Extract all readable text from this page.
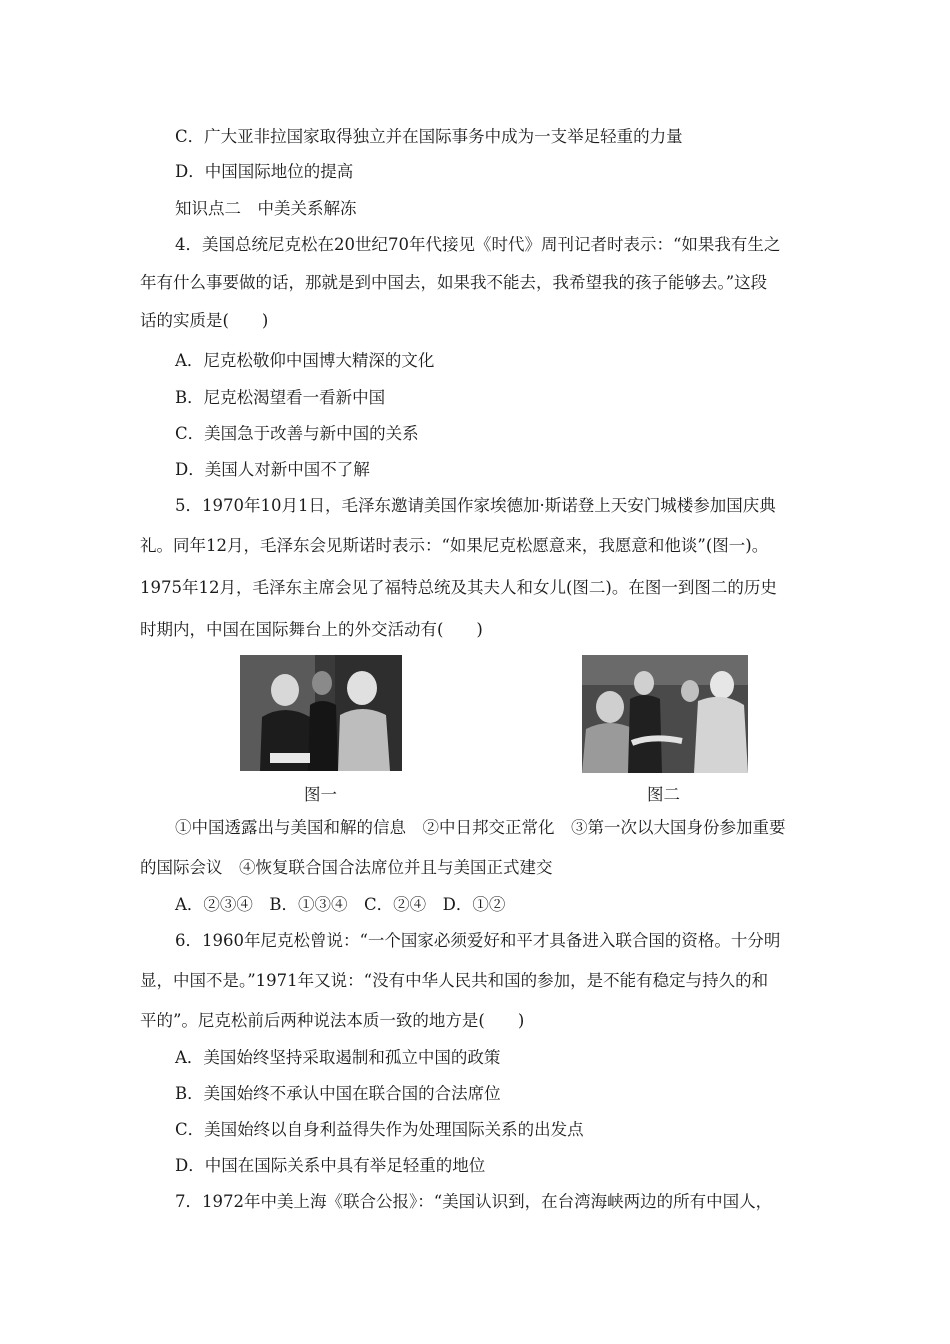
C．广大亚非拉国家取得独立并在国际事务中成为一支举足轻重的力量
D．中国国际地位的提高
知识点二　中美关系解冻
4．美国总统尼克松在20世纪70年代接见《时代》周刊记者时表示：“如果我有生之
年有什么事要做的话，那就是到中国去，如果我不能去，我希望我的孩子能够去。”这段
话的实质是(　　)
A．尼克松敬仰中国博大精深的文化
B．尼克松渴望看一看新中国
C．美国急于改善与新中国的关系
D．美国人对新中国不了解
5．1970年10月1日，毛泽东邀请美国作家埃德加·斯诺登上天安门城楼参加国庆典
礼。同年12月，毛泽东会见斯诺时表示：“如果尼克松愿意来，我愿意和他谈”(图一)。
1975年12月，毛泽东主席会见了福特总统及其夫人和女儿(图二)。在图一到图二的历史
时期内，中国在国际舞台上的外交活动有(　　)
图一	图二
①中国透露出与美国和解的信息　②中日邦交正常化　③第一次以大国身份参加重要
的国际会议　④恢复联合国合法席位并且与美国正式建交
A．②③④　B．①③④　C．②④　D．①②
6．1960年尼克松曾说：“一个国家必须爱好和平才具备进入联合国的资格。十分明
显，中国不是。”1971年又说：“没有中华人民共和国的参加，是不能有稳定与持久的和
平的”。尼克松前后两种说法本质一致的地方是(　　)
A．美国始终坚持采取遏制和孤立中国的政策
B．美国始终不承认中国在联合国的合法席位
C．美国始终以自身利益得失作为处理国际关系的出发点
D．中国在国际关系中具有举足轻重的地位
7．1972年中美上海《联合公报》：“美国认识到，在台湾海峡两边的所有中国人，
